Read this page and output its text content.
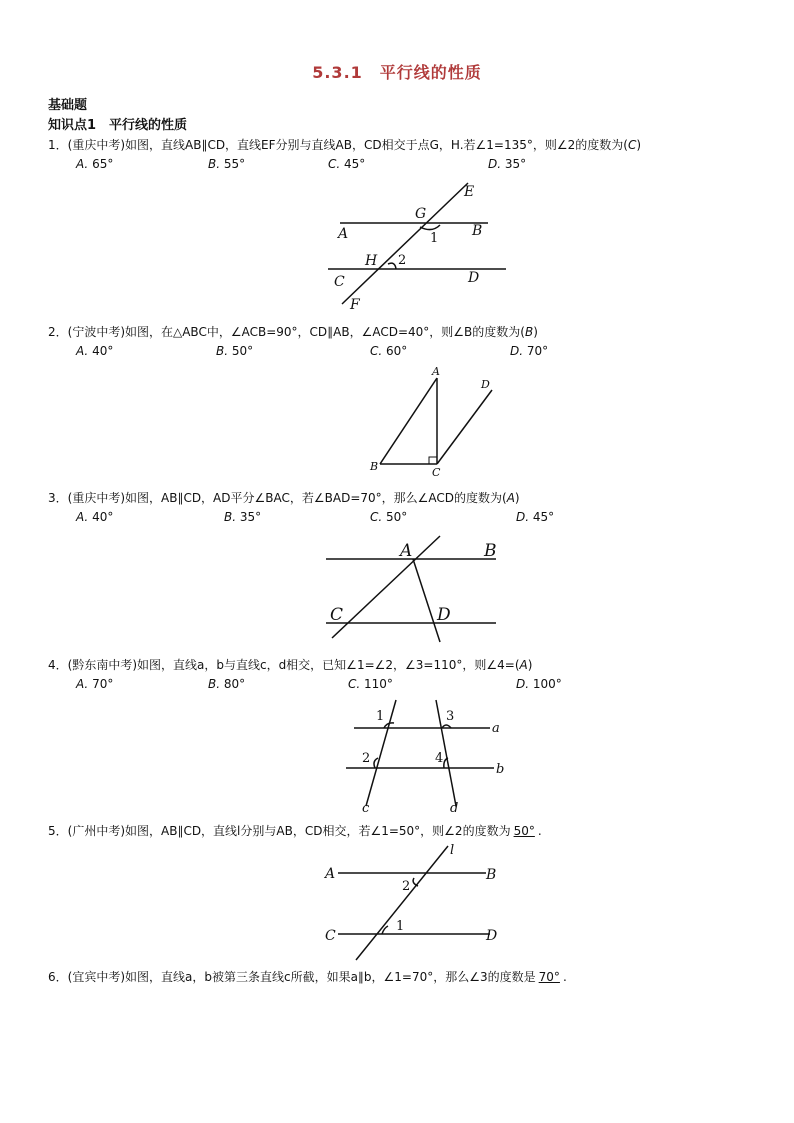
5.3.1　平行线的性质
基础题
知识点1　平行线的性质
1．(重庆中考)如图，直线AB∥CD，直线EF分别与直线AB，CD相交于点G，H.若∠1=135°，则∠2的度数为(C)
A. 65°	B. 55°	C. 45°	D. 35°
E
G
A	1 B
H 2
C	D
F
2．(宁波中考)如图，在△ABC中，∠ACB=90°，CD∥AB，∠ACD=40°，则∠B的度数为(B)
A. 40°	B. 50°	C. 60°	D. 70°
A
D
B	C
3．(重庆中考)如图，AB∥CD，AD平分∠BAC，若∠BAD=70°，那么∠ACD的度数为(A)
A. 40°	B. 35°	C. 50°	D. 45°
A	B
C	D
4．(黔东南中考)如图，直线a，b与直线c，d相交，已知∠1=∠2，∠3=110°，则∠4=(A)
A. 70°	B. 80°	C. 110°	D. 100°
1	3
a
2	4
b
c	d
5．(广州中考)如图，AB∥CD，直线l分别与AB，CD相交，若∠1=50°，则∠2的度数为 50° .
l
A
2
B
C
1
D
6．(宜宾中考)如图，直线a，b被第三条直线c所截，如果a∥b，∠1=70°，那么∠3的度数是 70° .
